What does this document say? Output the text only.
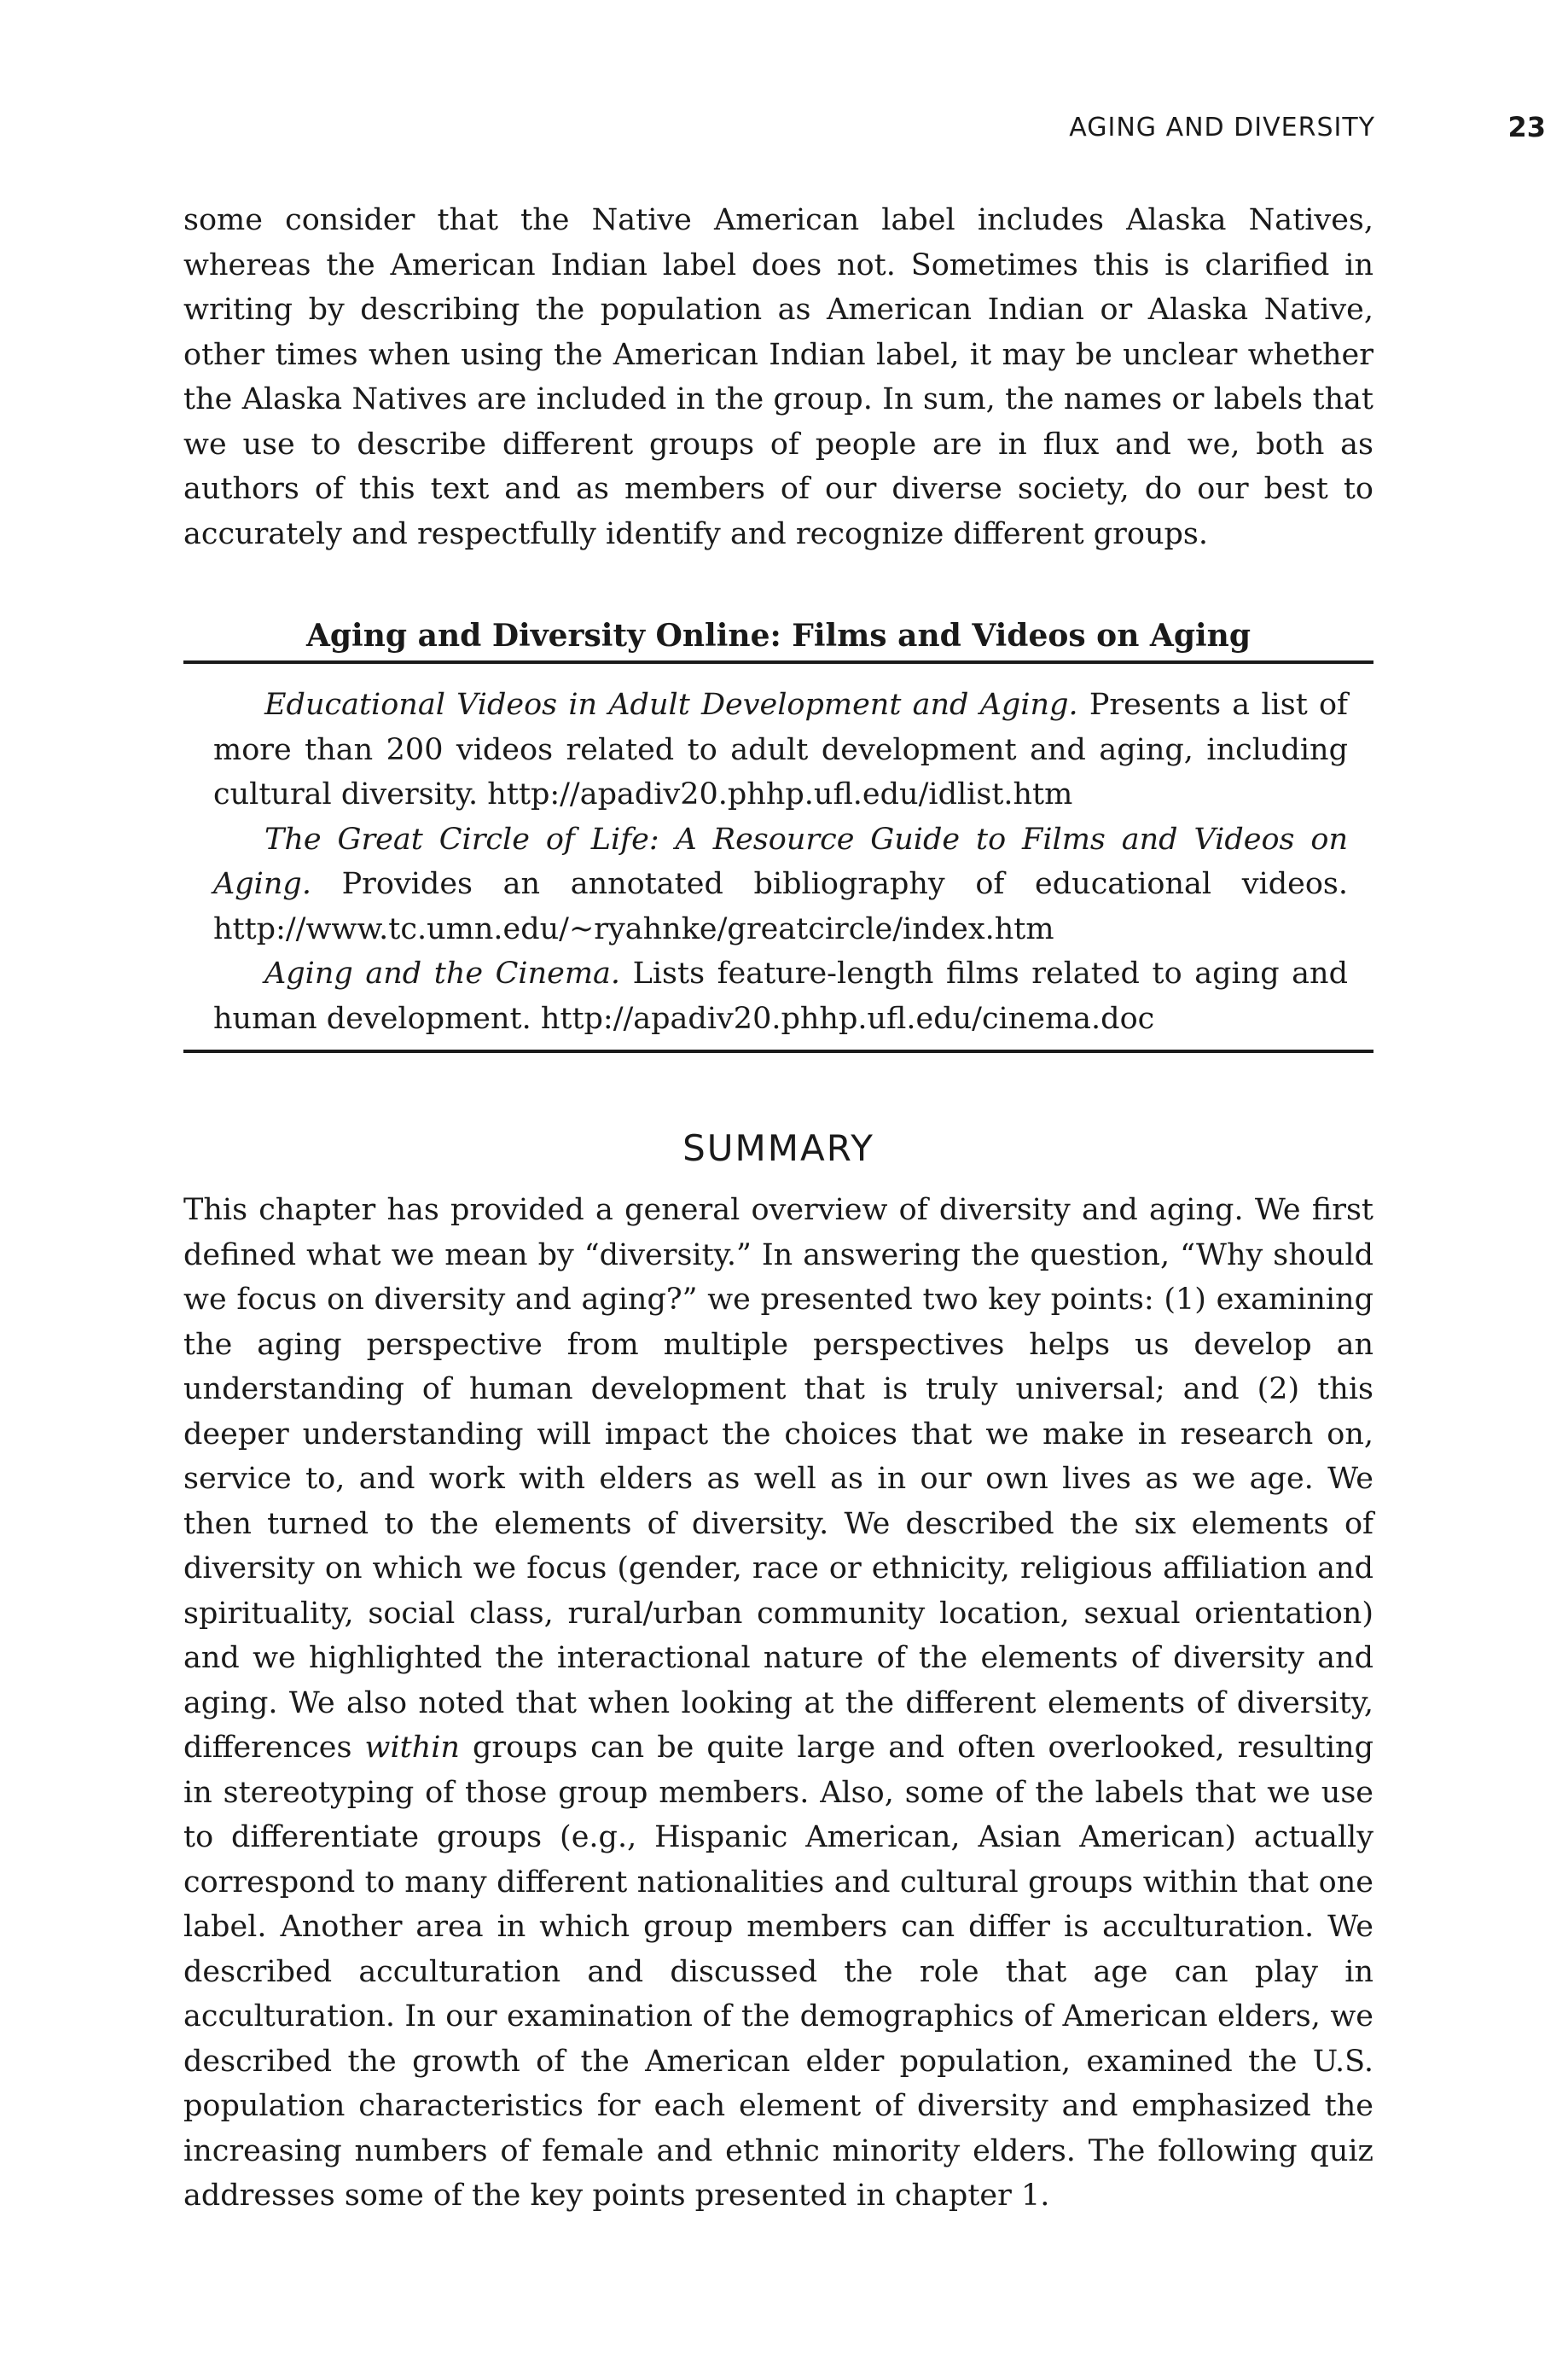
AGING AND DIVERSITY	23

some consider that the Native American label includes Alaska Natives, whereas the American Indian label does not. Sometimes this is clarified in writing by describing the population as American Indian or Alaska Native, other times when using the American Indian label, it may be unclear whether the Alaska Natives are included in the group. In sum, the names or labels that we use to describe different groups of people are in flux and we, both as authors of this text and as members of our diverse society, do our best to accurately and respectfully identify and recognize different groups.

Aging and Diversity Online: Films and Videos on Aging

Educational Videos in Adult Development and Aging. Presents a list of more than 200 videos related to adult development and aging, including cultural diversity. http://apadiv20.phhp.ufl.edu/idlist.htm

The Great Circle of Life: A Resource Guide to Films and Videos on Aging. Provides an annotated bibliography of educational videos. http://www.tc.umn.edu/~ryahnke/greatcircle/index.htm

Aging and the Cinema. Lists feature-length films related to aging and human development. http://apadiv20.phhp.ufl.edu/cinema.doc

SUMMARY

This chapter has provided a general overview of diversity and aging. We first defined what we mean by “diversity.” In answering the question, “Why should we focus on diversity and aging?” we presented two key points: (1) examining the aging perspective from multiple perspectives helps us develop an understanding of human development that is truly universal; and (2) this deeper understanding will impact the choices that we make in research on, service to, and work with elders as well as in our own lives as we age. We then turned to the elements of diversity. We described the six elements of diversity on which we focus (gender, race or ethnicity, religious affiliation and spirituality, social class, rural/urban community location, sexual orientation) and we highlighted the interactional nature of the elements of diversity and aging. We also noted that when looking at the different elements of diversity, differences within groups can be quite large and often overlooked, resulting in stereotyping of those group members. Also, some of the labels that we use to differentiate groups (e.g., Hispanic American, Asian American) actually correspond to many different nationalities and cultural groups within that one label. Another area in which group members can differ is acculturation. We described acculturation and discussed the role that age can play in acculturation. In our examination of the demographics of American elders, we described the growth of the American elder population, examined the U.S. population characteristics for each element of diversity and emphasized the increasing numbers of female and ethnic minority elders. The following quiz addresses some of the key points presented in chapter 1.
